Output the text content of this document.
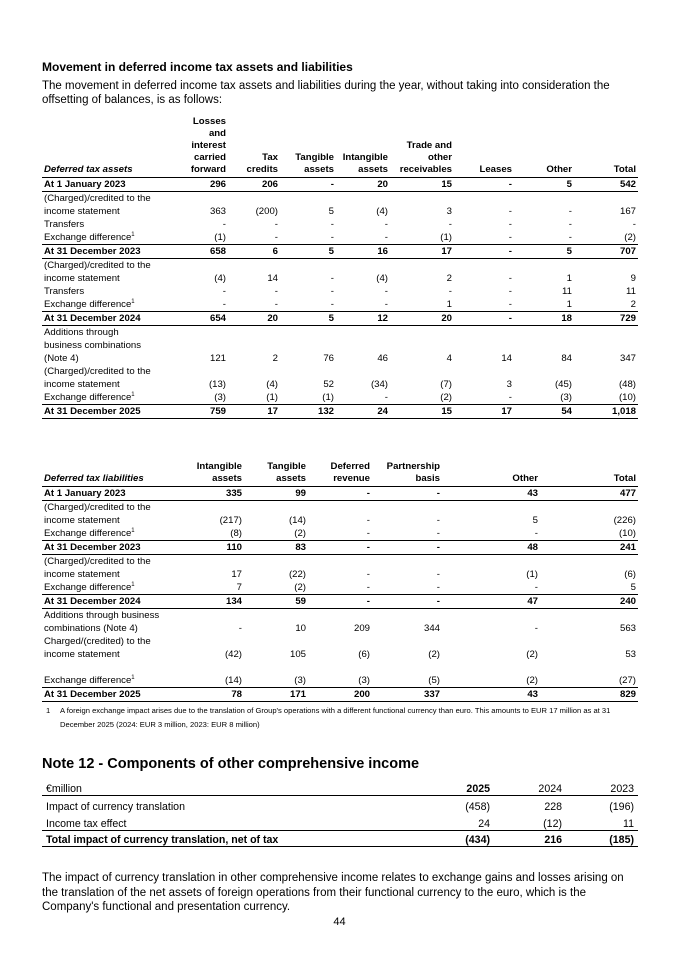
Movement in deferred income tax assets and liabilities
The movement in deferred income tax assets and liabilities during the year, without taking into consideration the offsetting of balances, is as follows:
Deferred tax assets	Losses and interest carried forward	Tax credits	Tangible assets	Intangible assets	Trade and other receivables	Leases	Other	Total
At 1 January 2023	296	206	-	20	15	-	5	542
(Charged)/credited to the								
income statement	363	(200)	5	(4)	3	-	-	167
Transfers	-	-	-	-	-	-	-	-
Exchange difference$^1$	(1)	-	-	-	(1)	-	-	(2)
At 31 December 2023	658	6	5	16	17	-	5	707
(Charged)/credited to the								
income statement	(4)	14	-	(4)	2	-	1	9
Transfers	-	-	-	-	-	-	11	11
Exchange difference$^1$	-	-	-	-	1	-	1	2
At 31 December 2024	654	20	5	12	20	-	18	729
Additions through								
business combinations								
(Note 4)	121	2	76	46	4	14	84	347
(Charged)/credited to the								
income statement	(13)	(4)	52	(34)	(7)	3	(45)	(48)
Exchange difference$^1$	(3)	(1)	(1)	-	(2)	-	(3)	(10)
At 31 December 2025	759	17	132	24	15	17	54	1,018
Deferred tax liabilities	Intangible assets	Tangible assets	Deferred revenue	Partnership basis	Other	Total
At 1 January 2023	335	99	-	-	43	477
(Charged)/credited to the						
income statement	(217)	(14)	-	-	5	(226)
Exchange difference$^1$	(8)	(2)	-	-	-	(10)
At 31 December 2023	110	83	-	-	48	241
(Charged)/credited to the						
income statement	17	(22)	-	-	(1)	(6)
Exchange difference$^1$	7	(2)	-	-	-	5
At 31 December 2024	134	59	-	-	47	240
Additions through business						
combinations (Note 4)	-	10	209	344	-	563
Charged/(credited) to the						
income statement	(42)	105	(6)	(2)	(2)	53

Exchange difference$^1$	(14)	(3)	(3)	(5)	(2)	(27)
At 31 December 2025	78	171	200	337	43	829
1 A foreign exchange impact arises due to the translation of Group's operations with a different functional currency than euro. This amounts to EUR 17 million as at 31 December 2025 (2024: EUR 3 million, 2023: EUR 8 million)
Note 12 - Components of other comprehensive income
€million	2025	2024	2023
Impact of currency translation	(458)	228	(196)
Income tax effect	24	(12)	11
Total impact of currency translation, net of tax	(434)	216	(185)
The impact of currency translation in other comprehensive income relates to exchange gains and losses arising on the translation of the net assets of foreign operations from their functional currency to the euro, which is the Company's functional and presentation currency.
44
